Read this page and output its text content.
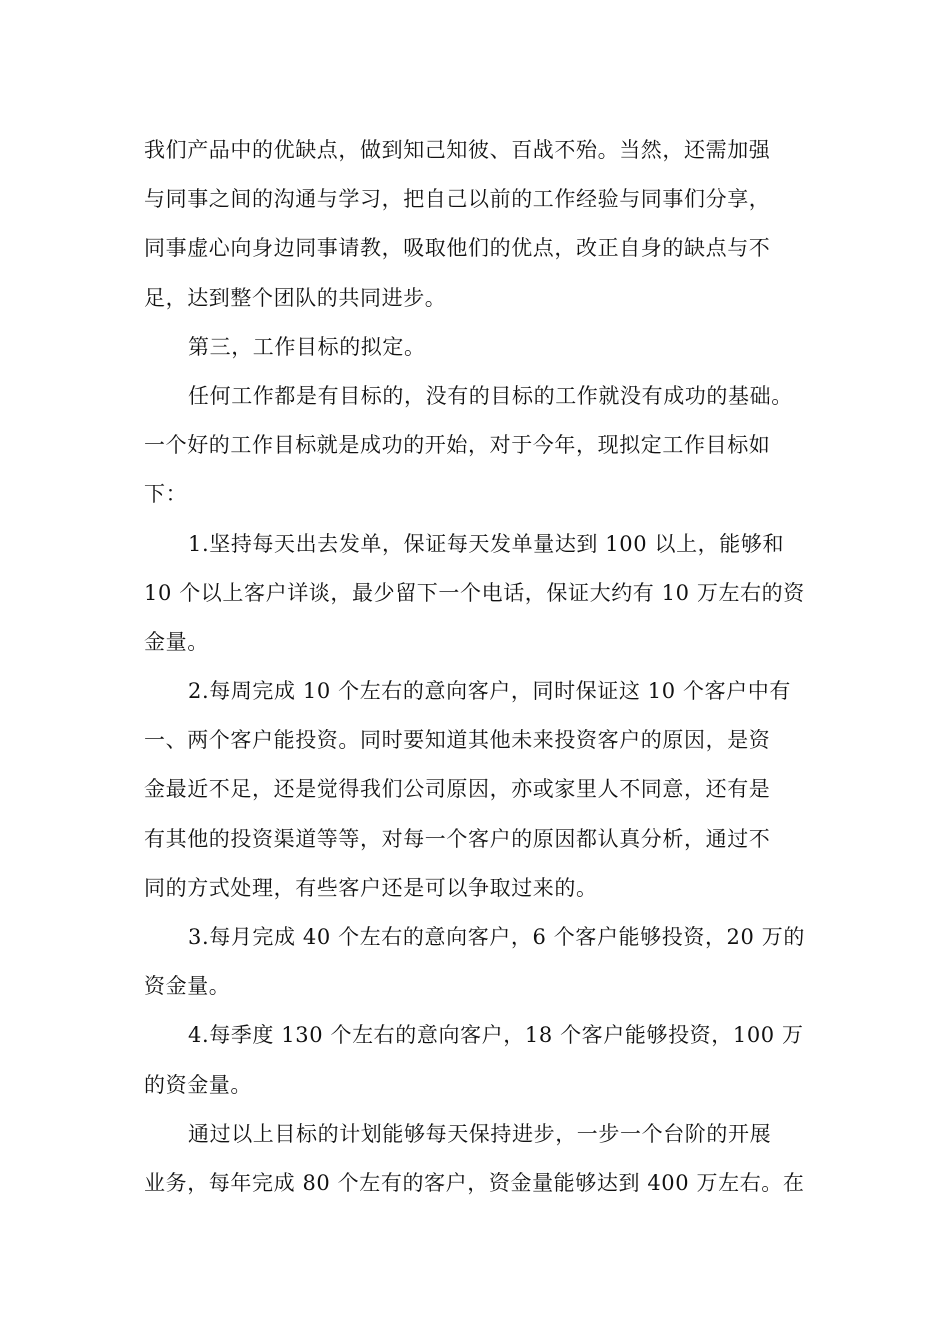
我们产品中的优缺点，做到知己知彼、百战不殆。当然，还需加强
与同事之间的沟通与学习，把自己以前的工作经验与同事们分享，
同事虚心向身边同事请教，吸取他们的优点，改正自身的缺点与不
足，达到整个团队的共同进步。
第三，工作目标的拟定。
任何工作都是有目标的，没有的目标的工作就没有成功的基础。
一个好的工作目标就是成功的开始，对于今年，现拟定工作目标如
下：
1.坚持每天出去发单，保证每天发单量达到 100 以上，能够和
10 个以上客户详谈，最少留下一个电话，保证大约有 10 万左右的资
金量。
2.每周完成 10 个左右的意向客户，同时保证这 10 个客户中有
一、两个客户能投资。同时要知道其他未来投资客户的原因，是资
金最近不足，还是觉得我们公司原因，亦或家里人不同意，还有是
有其他的投资渠道等等，对每一个客户的原因都认真分析，通过不
同的方式处理，有些客户还是可以争取过来的。
3.每月完成 40 个左右的意向客户，6 个客户能够投资，20 万的
资金量。
4.每季度 130 个左右的意向客户，18 个客户能够投资，100 万
的资金量。
通过以上目标的计划能够每天保持进步，一步一个台阶的开展
业务，每年完成 80 个左有的客户，资金量能够达到 400 万左右。在
